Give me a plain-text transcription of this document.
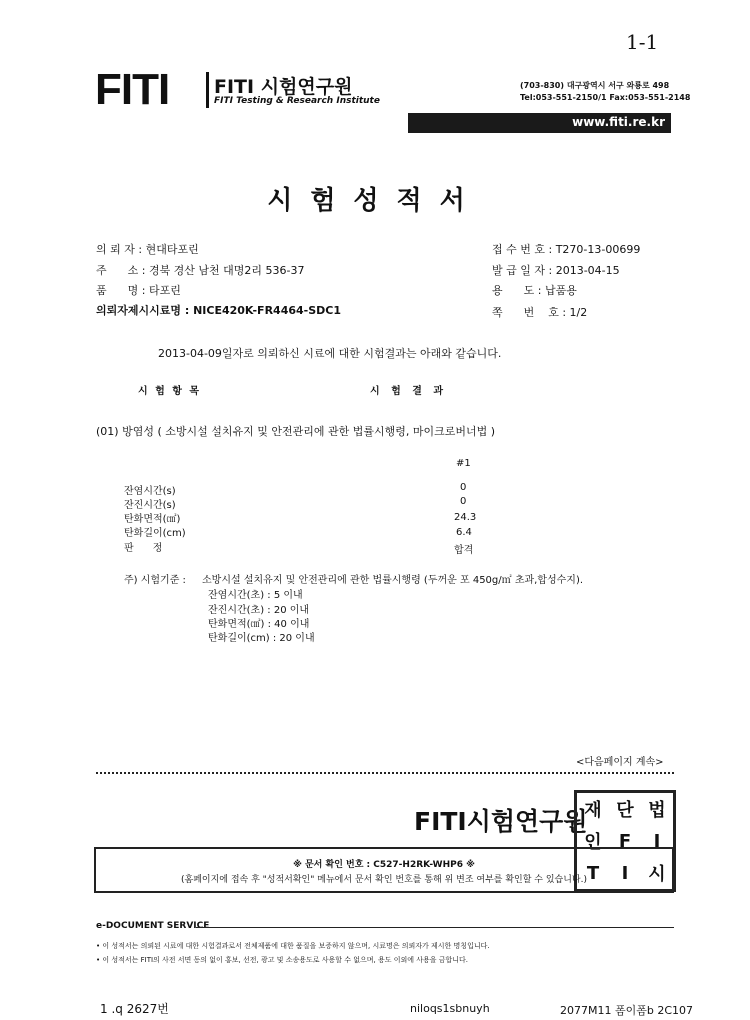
1-1
FITI FITI 시험연구원
FITI Testing & Research Institute
(703-830) 대구광역시 서구 와룡로 498
Tel:053-551-2150/1 Fax:053-551-2148
www.fiti.re.kr
시험성적서
의 뢰 자 : 현대타포린
주      소 : 경북 경산 남천 대명2리 536-37
품      명 : 타포린
의뢰자제시시료명 : NICE420K-FR4464-SDC1
접 수 번 호 : T270-13-00699
발 급 일 자 : 2013-04-15
용      도 : 납품용
쪽      번    호 : 1/2
2013-04-09일자로 의뢰하신 시료에 대한 시험결과는 아래와 같습니다.
시 험 항 목	시 험 결 과
(01) 방염성 ( 소방시설 설치유지 및 안전관리에 관한 법률시행령, 마이크로버너법 )
#1
잔염시간(s)	0
잔진시간(s)	0
탄화면적(㎠)	24.3
탄화길이(cm)	6.4
판      정	합격
주) 시험기준 : 소방시설 설치유지 및 안전관리에 관한 법률시행령 (두꺼운 포 450g/㎡ 초과,합성수지).
잔염시간(초) : 5 이내
잔진시간(초) : 20 이내
탄화면적(㎠) : 40 이내
탄화길이(cm) : 20 이내
<다음페이지 계속>
FITI시험연구원
재 단 법
인 F	I
T	I	시
※ 문서 확인 번호 : C527-H2RK-WHP6 ※
(홈페이지에 접속 후 "성적서확인" 메뉴에서 문서 확인 번호를 통해 위 변조 여부를 확인할 수 있습니다.)
e-DOCUMENT SERVICE
• 이 성적서는 의뢰된 시료에 대한 시험결과로서 전체제품에 대한 품질을 보증하지 않으며, 시료명은 의뢰자가 제시한 명칭입니다.
• 이 성적서는 FITI의 사전 서면 동의 없이 홍보, 선전, 광고 및 소송용도로 사용할 수 없으며, 용도 이외에 사용을 금합니다.
1 .q 2627번	niloqs1sbnuyh	2077M11 폼이폼b 2C107
